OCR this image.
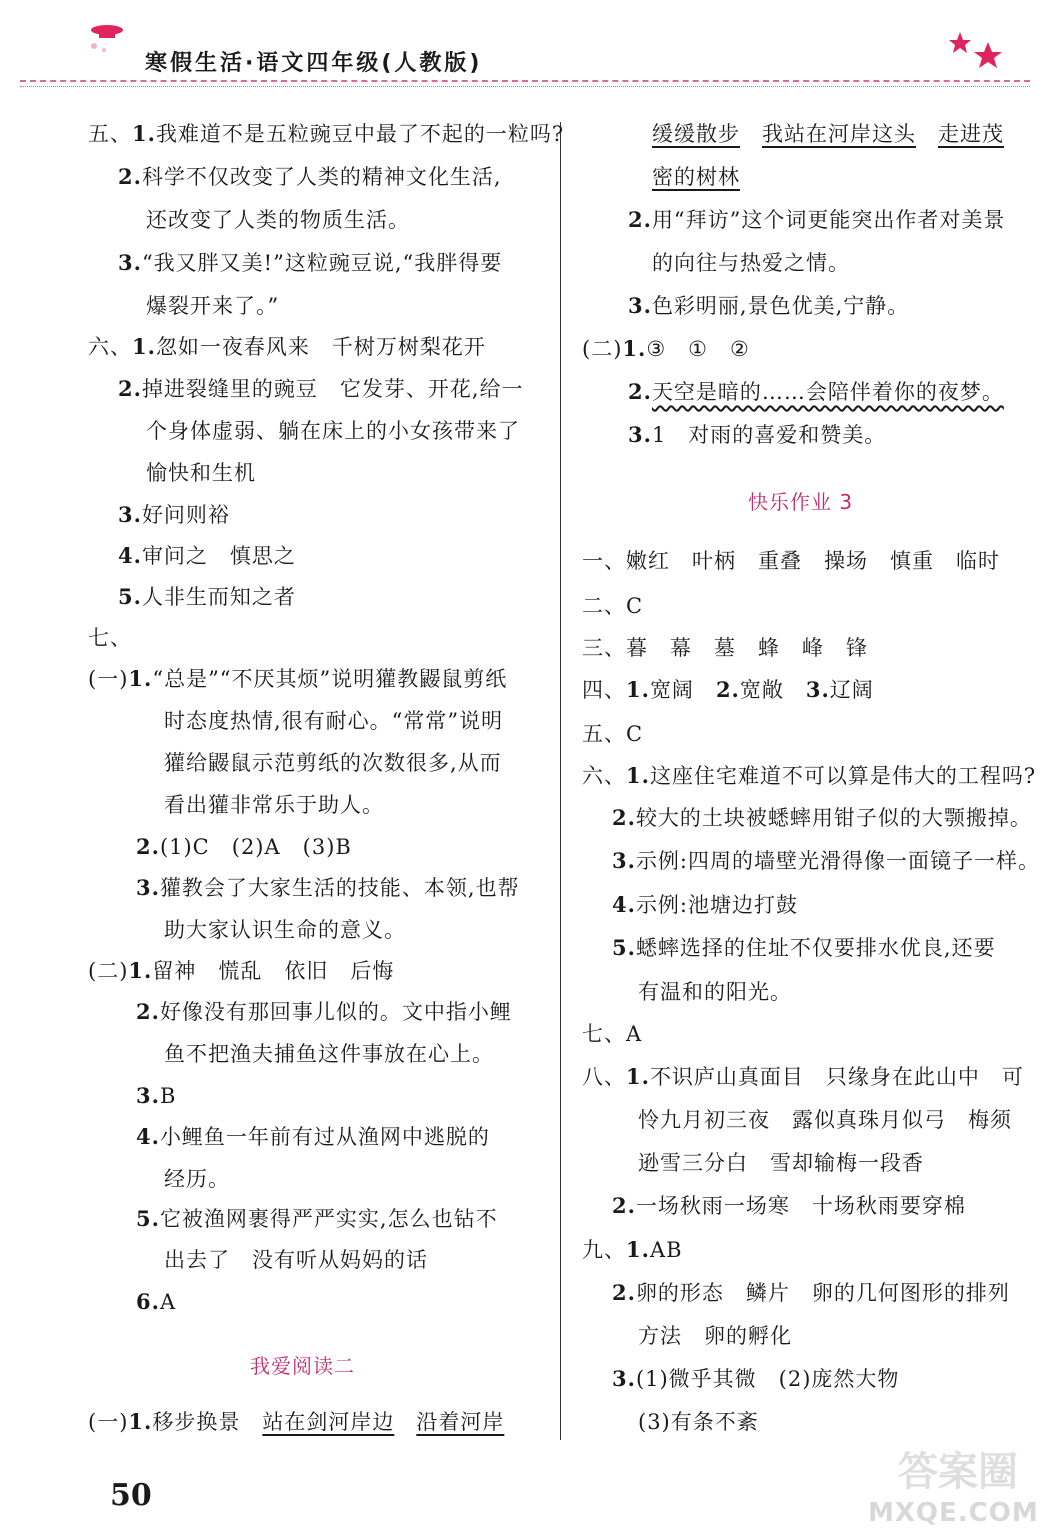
寒假生活·语文四年级(人教版)
五、1.我难道不是五粒豌豆中最了不起的一粒吗?
2.科学不仅改变了人类的精神文化生活,
还改变了人类的物质生活。
3.“我又胖又美!”这粒豌豆说,“我胖得要
爆裂开来了。”
六、1.忽如一夜春风来　千树万树梨花开
2.掉进裂缝里的豌豆　它发芽、开花,给一
个身体虚弱、躺在床上的小女孩带来了
愉快和生机
3.好问则裕
4.审问之　慎思之
5.人非生而知之者
七、
(一)1.“总是”“不厌其烦”说明獾教鼹鼠剪纸
时态度热情,很有耐心。“常常”说明
獾给鼹鼠示范剪纸的次数很多,从而
看出獾非常乐于助人。
2.(1)C　(2)A　(3)B
3.獾教会了大家生活的技能、本领,也帮
助大家认识生命的意义。
(二)1.留神　慌乱　依旧　后悔
2.好像没有那回事儿似的。文中指小鲤
鱼不把渔夫捕鱼这件事放在心上。
3.B
4.小鲤鱼一年前有过从渔网中逃脱的
经历。
5.它被渔网裹得严严实实,怎么也钻不
出去了　没有听从妈妈的话
6.A
我爱阅读二
(一)1.移步换景　 站在剑河岸边　 沿着河岸
缓缓散步　 我站在河岸这头　 走进茂
密的树林
2.用“拜访”这个词更能突出作者对美景
的向往与热爱之情。
3.色彩明丽,景色优美,宁静。
(二)1.③　①　②
2.天空是暗的……会陪伴着你的夜梦。
3.1　对雨的喜爱和赞美。
快乐作业 3
一、嫩红　叶柄　重叠　操场　慎重　临时
二、C
三、暮　幕　墓　蜂　峰　锋
四、1.宽阔　2.宽敞　3.辽阔
五、C
六、1.这座住宅难道不可以算是伟大的工程吗?
2.较大的土块被蟋蟀用钳子似的大颚搬掉。
3.示例:四周的墙壁光滑得像一面镜子一样。
4.示例:池塘边打鼓
5.蟋蟀选择的住址不仅要排水优良,还要
有温和的阳光。
七、A
八、1.不识庐山真面目　只缘身在此山中　可
怜九月初三夜　露似真珠月似弓　梅须
逊雪三分白　雪却输梅一段香
2.一场秋雨一场寒　十场秋雨要穿棉
九、1.AB
2.卵的形态　鳞片　卵的几何图形的排列
方法　卵的孵化
3.(1)微乎其微　(2)庞然大物
(3)有条不紊
50
答案圈
MXQE.COM
